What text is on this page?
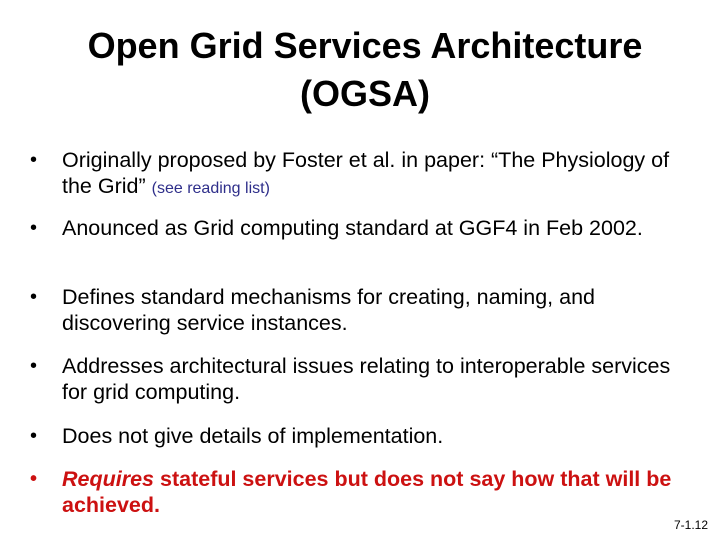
Open Grid Services Architecture
(OGSA)
•	Originally proposed by Foster et al. in paper: “The Physiology of the Grid” (see reading list)
•	Anounced as Grid computing standard at GGF4 in Feb 2002.
•	Defines standard mechanisms for creating, naming, and discovering service instances.
•	Addresses architectural issues relating to interoperable services for grid computing.
•	Does not give details of implementation.
•	Requires stateful services but does not say how that will be achieved.
7-1.12
